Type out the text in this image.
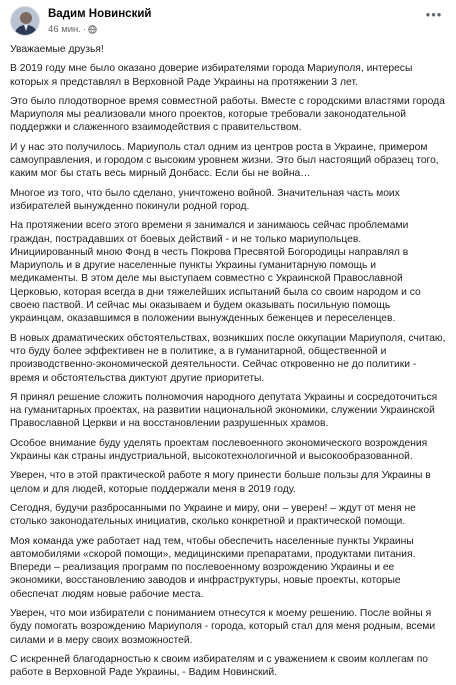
Вадим Новинский
46 мин. ·
•••

Уважаемые друзья!

В 2019 году мне было оказано доверие избирателями города Мариуполя, интересы которых я представлял в Верховной Раде Украины на протяжении 3 лет.

Это было плодотворное время совместной работы. Вместе с городскими властями города Мариуполя мы реализовали много проектов, которые требовали законодательной поддержки и слаженного взаимодействия с правительством.

И у нас это получилось. Мариуполь стал одним из центров роста в Украине, примером самоуправления, и городом с высоким уровнем жизни. Это был настоящий образец того, каким мог бы стать весь мирный Донбасс. Если бы не война…

Многое из того, что было сделано, уничтожено войной. Значительная часть моих избирателей вынужденно покинули родной город.

На протяжении всего этого времени я занимался и занимаюсь сейчас проблемами граждан, пострадавших от боевых действий - и не только мариупольцев. Инициированный мною Фонд в честь Покрова Пресвятой Богородицы направлял в Мариуполь и в другие населенные пункты Украины гуманитарную помощь и медикаменты. В этом деле мы выступаем совместно с Украинской Православной Церковью, которая всегда в дни тяжелейших испытаний была со своим народом и со своею паствой. И сейчас мы оказываем и будем оказывать посильную помощь украинцам, оказавшимся в положении вынужденных беженцев и переселенцев.

В новых драматических обстоятельствах, возникших после оккупации Мариуполя, считаю, что буду более эффективен не в политике, а в гуманитарной, общественной и производственно-экономической деятельности. Сейчас откровенно не до политики - время и обстоятельства диктуют другие приоритеты.

Я принял решение сложить полномочия народного депутата Украины и сосредоточиться на гуманитарных проектах, на развитии национальной экономики, служении Украинской Православной Церкви и на восстановлении разрушенных храмов.

Особое внимание буду уделять проектам послевоенного экономического возрождения Украины как страны индустриальной, высокотехнологичной и высокообразованной.

Уверен, что в этой практической работе я могу принести больше пользы для Украины в целом и для людей, которые поддержали меня в 2019 году.

Сегодня, будучи разбросанными по Украине и миру, они – уверен! – ждут от меня не столько законодательных инициатив, сколько конкретной и практической помощи.

Моя команда уже работает над тем, чтобы обеспечить населенные пункты Украины автомобилями «скорой помощи», медицинскими препаратами, продуктами питания. Впереди – реализация программ по послевоенному возрождению Украины и ее экономики, восстановлению заводов и инфраструктуры, новые проекты, которые обеспечат людям новые рабочие места.

Уверен, что мои избиратели с пониманием отнесутся к моему решению. После войны я буду помогать возрождению Мариуполя - города, который стал для меня родным, всеми силами и в меру своих возможностей.

С искренней благодарностью к своим избирателям и с уважением к своим коллегам по работе в Верховной Раде Украины, - Вадим Новинский.
